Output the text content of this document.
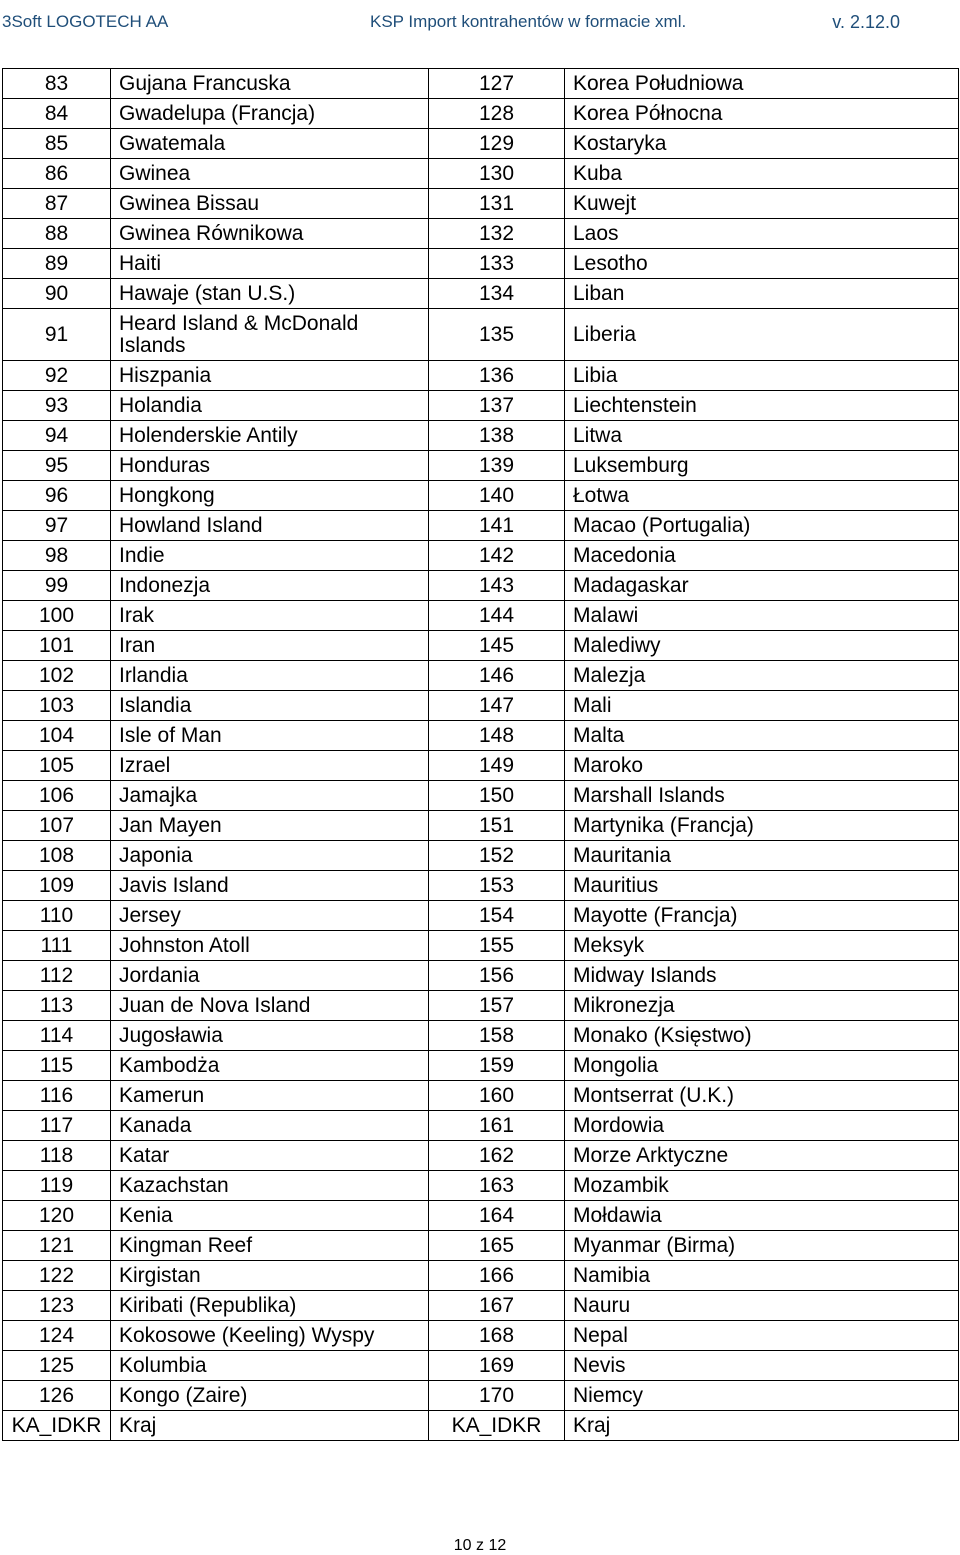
3Soft LOGOTECH AA	KSP Import kontrahentów w formacie xml.	v. 2.12.0
83	Gujana Francuska	127	Korea Południowa
84	Gwadelupa (Francja)	128	Korea Północna
85	Gwatemala	129	Kostaryka
86	Gwinea	130	Kuba
87	Gwinea Bissau	131	Kuwejt
88	Gwinea Równikowa	132	Laos
89	Haiti	133	Lesotho
90	Hawaje (stan U.S.)	134	Liban
91	Heard Island & McDonald Islands	135	Liberia
92	Hiszpania	136	Libia
93	Holandia	137	Liechtenstein
94	Holenderskie Antily	138	Litwa
95	Honduras	139	Luksemburg
96	Hongkong	140	Łotwa
97	Howland Island	141	Macao (Portugalia)
98	Indie	142	Macedonia
99	Indonezja	143	Madagaskar
100	Irak	144	Malawi
101	Iran	145	Malediwy
102	Irlandia	146	Malezja
103	Islandia	147	Mali
104	Isle of Man	148	Malta
105	Izrael	149	Maroko
106	Jamajka	150	Marshall Islands
107	Jan Mayen	151	Martynika (Francja)
108	Japonia	152	Mauritania
109	Javis Island	153	Mauritius
110	Jersey	154	Mayotte (Francja)
111	Johnston Atoll	155	Meksyk
112	Jordania	156	Midway Islands
113	Juan de Nova Island	157	Mikronezja
114	Jugosławia	158	Monako (Księstwo)
115	Kambodża	159	Mongolia
116	Kamerun	160	Montserrat (U.K.)
117	Kanada	161	Mordowia
118	Katar	162	Morze Arktyczne
119	Kazachstan	163	Mozambik
120	Kenia	164	Mołdawia
121	Kingman Reef	165	Myanmar (Birma)
122	Kirgistan	166	Namibia
123	Kiribati (Republika)	167	Nauru
124	Kokosowe (Keeling) Wyspy	168	Nepal
125	Kolumbia	169	Nevis
126	Kongo (Zaire)	170	Niemcy
KA_IDKR	Kraj	KA_IDKR	Kraj
10 z 12
